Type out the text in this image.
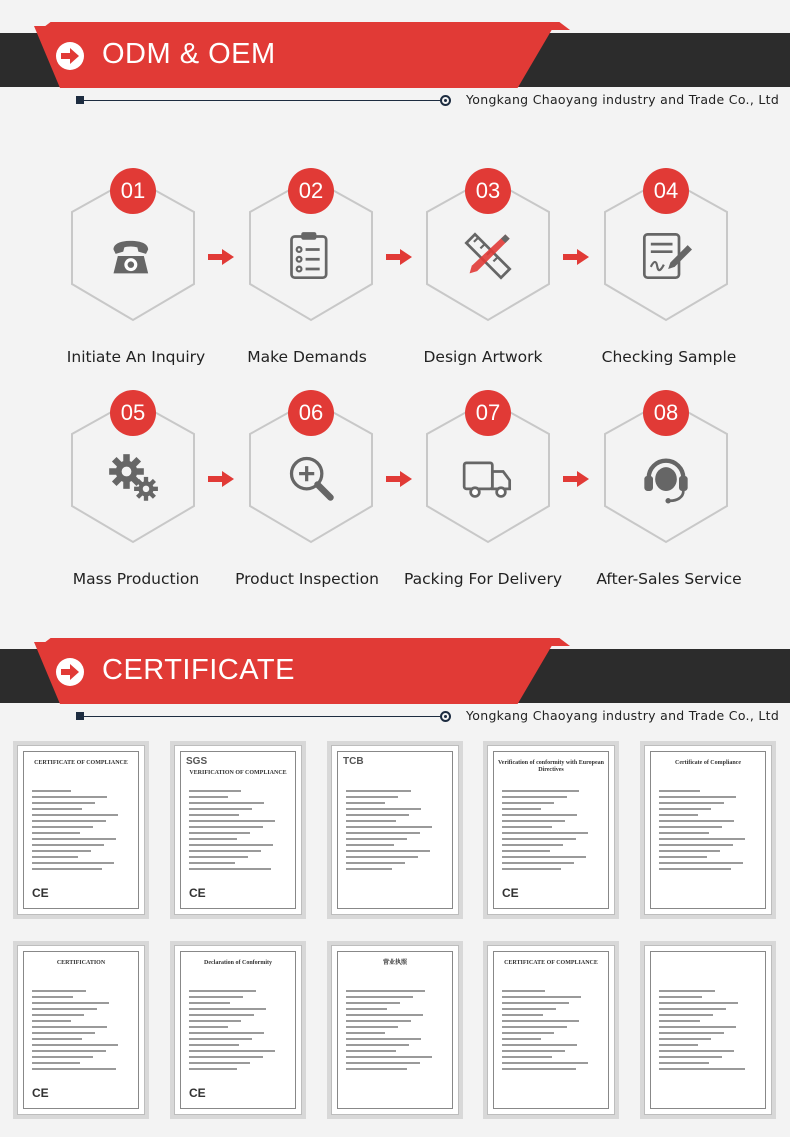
ODM & OEM
Yongkang Chaoyang industry and Trade Co., Ltd
01
Initiate An Inquiry
02
Make Demands
03
Design Artwork
04
Checking Sample
05
Mass Production
06
Product Inspection
07
Packing For Delivery
08
After-Sales Service
CERTIFICATE
Yongkang Chaoyang industry and Trade Co., Ltd
CERTIFICATE OF COMPLIANCE
CE
SGS
VERIFICATION OF COMPLIANCE
CE
TCB	Verification of conformity with European Directives
CE
Certificate of Compliance
CERTIFICATION
CE
Declaration of Conformity
CE
营业执照	CERTIFICATE OF COMPLIANCE
